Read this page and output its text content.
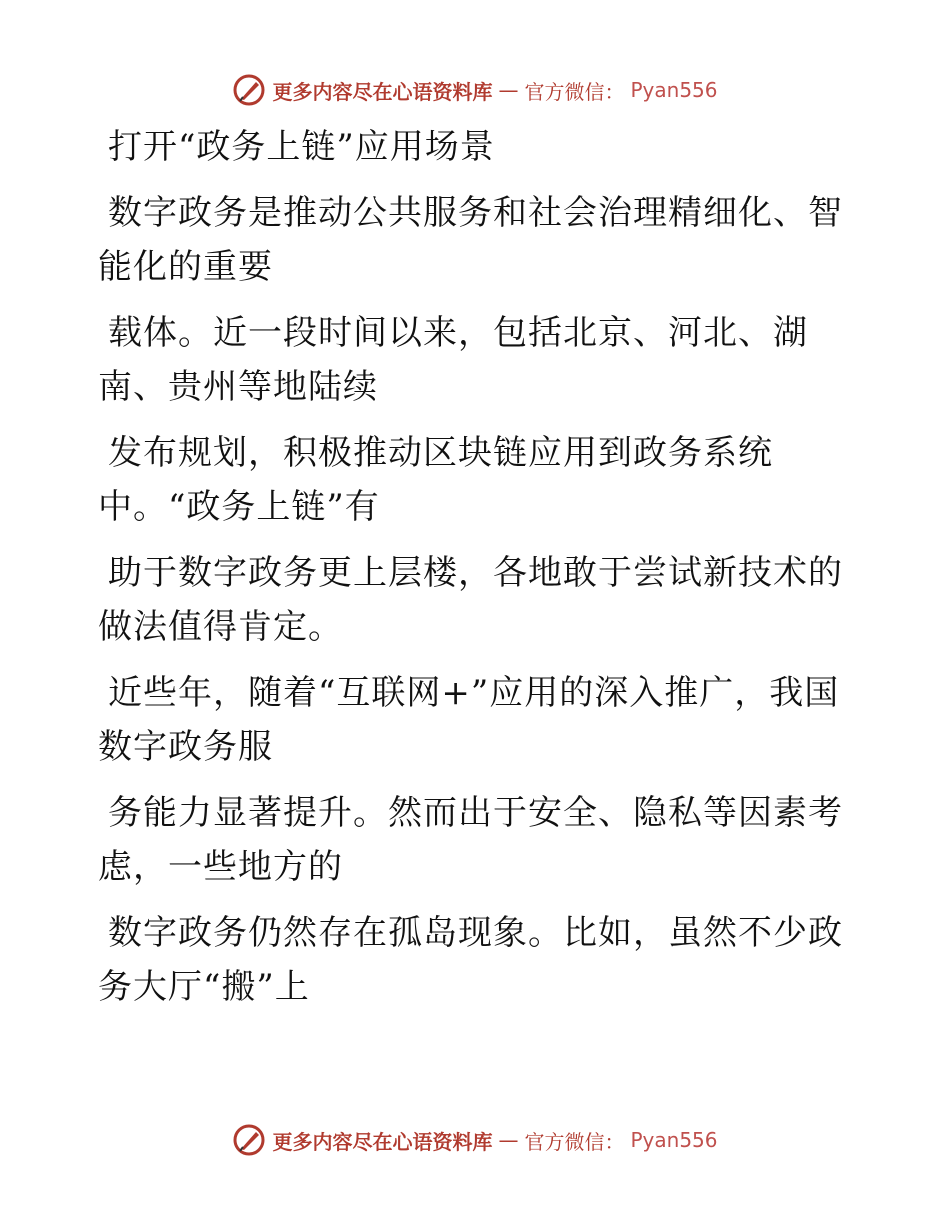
更多内容尽在心语资料库 — 官方微信： Pyan556

打开“政务上链”应用场景

数字政务是推动公共服务和社会治理精细化、智
能化的重要

载体。近一段时间以来，包括北京、河北、湖
南、贵州等地陆续

发布规划，积极推动区块链应用到政务系统
中。“政务上链”有

助于数字政务更上层楼，各地敢于尝试新技术的
做法值得肯定。

近些年，随着“互联网+”应用的深入推广，我国
数字政务服

务能力显著提升。然而出于安全、隐私等因素考
虑，一些地方的

数字政务仍然存在孤岛现象。比如，虽然不少政
务大厅“搬”上

更多内容尽在心语资料库 — 官方微信： Pyan556
